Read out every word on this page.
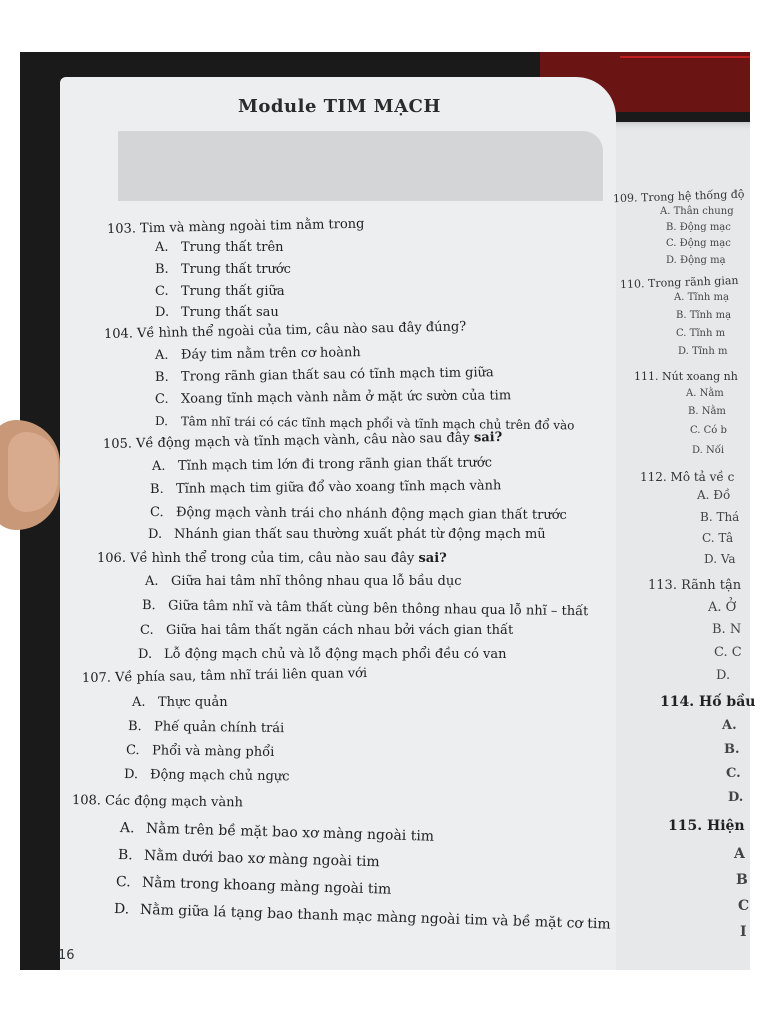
Module TIM MẠCH
103. Tim và màng ngoài tim nằm trong
A. Trung thất trên
B. Trung thất trước
C. Trung thất giữa
D. Trung thất sau
104. Về hình thể ngoài của tim, câu nào sau đây đúng?
A. Đáy tim nằm trên cơ hoành
B. Trong rãnh gian thất sau có tĩnh mạch tim giữa
C. Xoang tĩnh mạch vành nằm ở mặt ức sườn của tim
D. Tâm nhĩ trái có các tĩnh mạch phổi và tĩnh mạch chủ trên đổ vào
105. Về động mạch và tĩnh mạch vành, câu nào sau đây sai?
A. Tĩnh mạch tim lớn đi trong rãnh gian thất trước
B. Tĩnh mạch tim giữa đổ vào xoang tĩnh mạch vành
C. Động mạch vành trái cho nhánh động mạch gian thất trước
D. Nhánh gian thất sau thường xuất phát từ động mạch mũ
106. Về hình thể trong của tim, câu nào sau đây sai?
A. Giữa hai tâm nhĩ thông nhau qua lỗ bầu dục
B. Giữa tâm nhĩ và tâm thất cùng bên thông nhau qua lỗ nhĩ – thất
C. Giữa hai tâm thất ngăn cách nhau bởi vách gian thất
D. Lỗ động mạch chủ và lỗ động mạch phổi đều có van
107. Về phía sau, tâm nhĩ trái liên quan với
A. Thực quản
B. Phế quản chính trái
C. Phổi và màng phổi
D. Động mạch chủ ngực
108. Các động mạch vành
A. Nằm trên bề mặt bao xơ màng ngoài tim
B. Nằm dưới bao xơ màng ngoài tim
C. Nằm trong khoang màng ngoài tim
D. Nằm giữa lá tạng bao thanh mạc màng ngoài tim và bề mặt cơ tim
16
109. Trong hệ thống độ
A. Thân chung
B. Động mạc
C. Động mạc
D. Động mạ
110. Trong rãnh gian
A. Tĩnh mạ
B. Tĩnh mạ
C. Tĩnh m
D. Tĩnh m
111. Nút xoang nh
A. Nằm
B. Nằm
C. Có b
D. Nối
112. Mô tả về c
A. Đồ
B. Thá
C. Tâ
D. Va
113. Rãnh tận
A. Ở
B. N
C. C
D.
114. Hố bầu
A.
B.
C.
D.
115. Hiện
A
B
C
I
